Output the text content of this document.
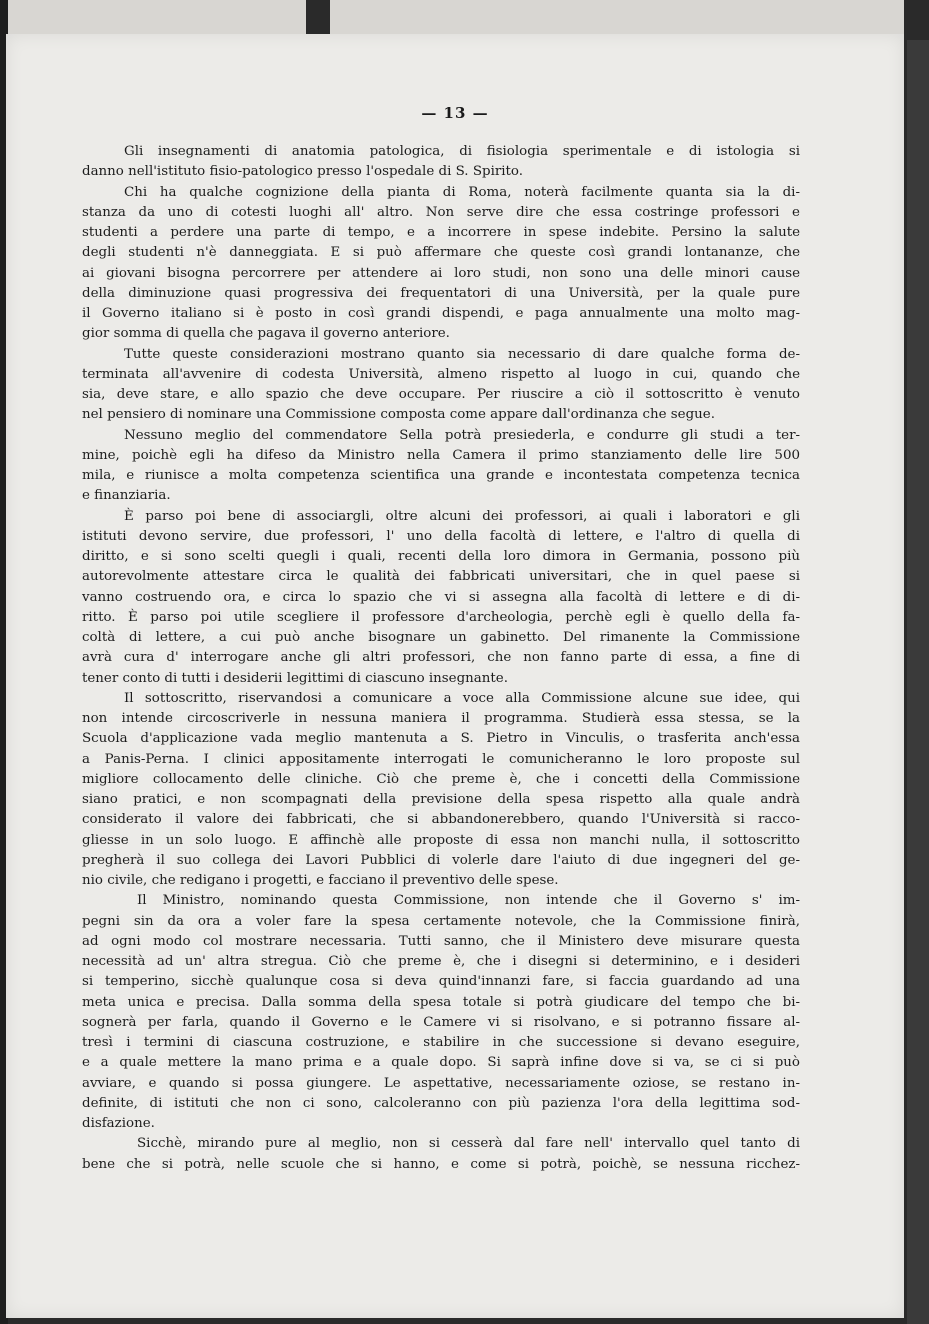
— 13 —
Gli insegnamenti di anatomia patologica, di fisiologia sperimentale e di istologia si
danno nell'istituto fisio-patologico presso l'ospedale di S. Spirito.
Chi ha qualche cognizione della pianta di Roma, noterà facilmente quanta sia la di-
stanza da uno di cotesti luoghi all' altro. Non serve dire che essa costringe professori e
studenti a perdere una parte di tempo, e a incorrere in spese indebite. Persino la salute
degli studenti n'è danneggiata. E si può affermare che queste così grandi lontananze, che
ai giovani bisogna percorrere per attendere ai loro studi, non sono una delle minori cause
della diminuzione quasi progressiva dei frequentatori di una Università, per la quale pure
il Governo italiano si è posto in così grandi dispendi, e paga annualmente una molto mag-
gior somma di quella che pagava il governo anteriore.
Tutte queste considerazioni mostrano quanto sia necessario di dare qualche forma de-
terminata all'avvenire di codesta Università, almeno rispetto al luogo in cui, quando che
sia, deve stare, e allo spazio che deve occupare. Per riuscire a ciò il sottoscritto è venuto
nel pensiero di nominare una Commissione composta come appare dall'ordinanza che segue.
Nessuno meglio del commendatore Sella potrà presiederla, e condurre gli studi a ter-
mine, poichè egli ha difeso da Ministro nella Camera il primo stanziamento delle lire 500
mila, e riunisce a molta competenza scientifica una grande e incontestata competenza tecnica
e finanziaria.
È parso poi bene di associargli, oltre alcuni dei professori, ai quali i laboratori e gli
istituti devono servire, due professori, l' uno della facoltà di lettere, e l'altro di quella di
diritto, e si sono scelti quegli i quali, recenti della loro dimora in Germania, possono più
autorevolmente attestare circa le qualità dei fabbricati universitari, che in quel paese si
vanno costruendo ora, e circa lo spazio che vi si assegna alla facoltà di lettere e di di-
ritto. È parso poi utile scegliere il professore d'archeologia, perchè egli è quello della fa-
coltà di lettere, a cui può anche bisognare un gabinetto. Del rimanente la Commissione
avrà cura d' interrogare anche gli altri professori, che non fanno parte di essa, a fine di
tener conto di tutti i desiderii legittimi di ciascuno insegnante.
Il sottoscritto, riservandosi a comunicare a voce alla Commissione alcune sue idee, qui
non intende circoscriverle in nessuna maniera il programma. Studierà essa stessa, se la
Scuola d'applicazione vada meglio mantenuta a S. Pietro in Vinculis, o trasferita anch'essa
a Panis-Perna. I clinici appositamente interrogati le comunicheranno le loro proposte sul
migliore collocamento delle cliniche. Ciò che preme è, che i concetti della Commissione
siano pratici, e non scompagnati della previsione della spesa rispetto alla quale andrà
considerato il valore dei fabbricati, che si abbandonerebbero, quando l'Università si racco-
gliesse in un solo luogo. E affinchè alle proposte di essa non manchi nulla, il sottoscritto
pregherà il suo collega dei Lavori Pubblici di volerle dare l'aiuto di due ingegneri del ge-
nio civile, che redigano i progetti, e facciano il preventivo delle spese.
Il Ministro, nominando questa Commissione, non intende che il Governo s' im-
pegni sin da ora a voler fare la spesa certamente notevole, che la Commissione finirà,
ad ogni modo col mostrare necessaria. Tutti sanno, che il Ministero deve misurare questa
necessità ad un' altra stregua. Ciò che preme è, che i disegni si determinino, e i desideri
si temperino, sicchè qualunque cosa si deva quind'innanzi fare, si faccia guardando ad una
meta unica e precisa. Dalla somma della spesa totale si potrà giudicare del tempo che bi-
sognerà per farla, quando il Governo e le Camere vi si risolvano, e si potranno fissare al-
tresì i termini di ciascuna costruzione, e stabilire in che successione si devano eseguire,
e a quale mettere la mano prima e a quale dopo. Si saprà infine dove si va, se ci si può
avviare, e quando si possa giungere. Le aspettative, necessariamente oziose, se restano in-
definite, di istituti che non ci sono, calcoleranno con più pazienza l'ora della legittima sod-
disfazione.
Sicchè, mirando pure al meglio, non si cesserà dal fare nell' intervallo quel tanto di
bene che si potrà, nelle scuole che si hanno, e come si potrà, poichè, se nessuna ricchez-
